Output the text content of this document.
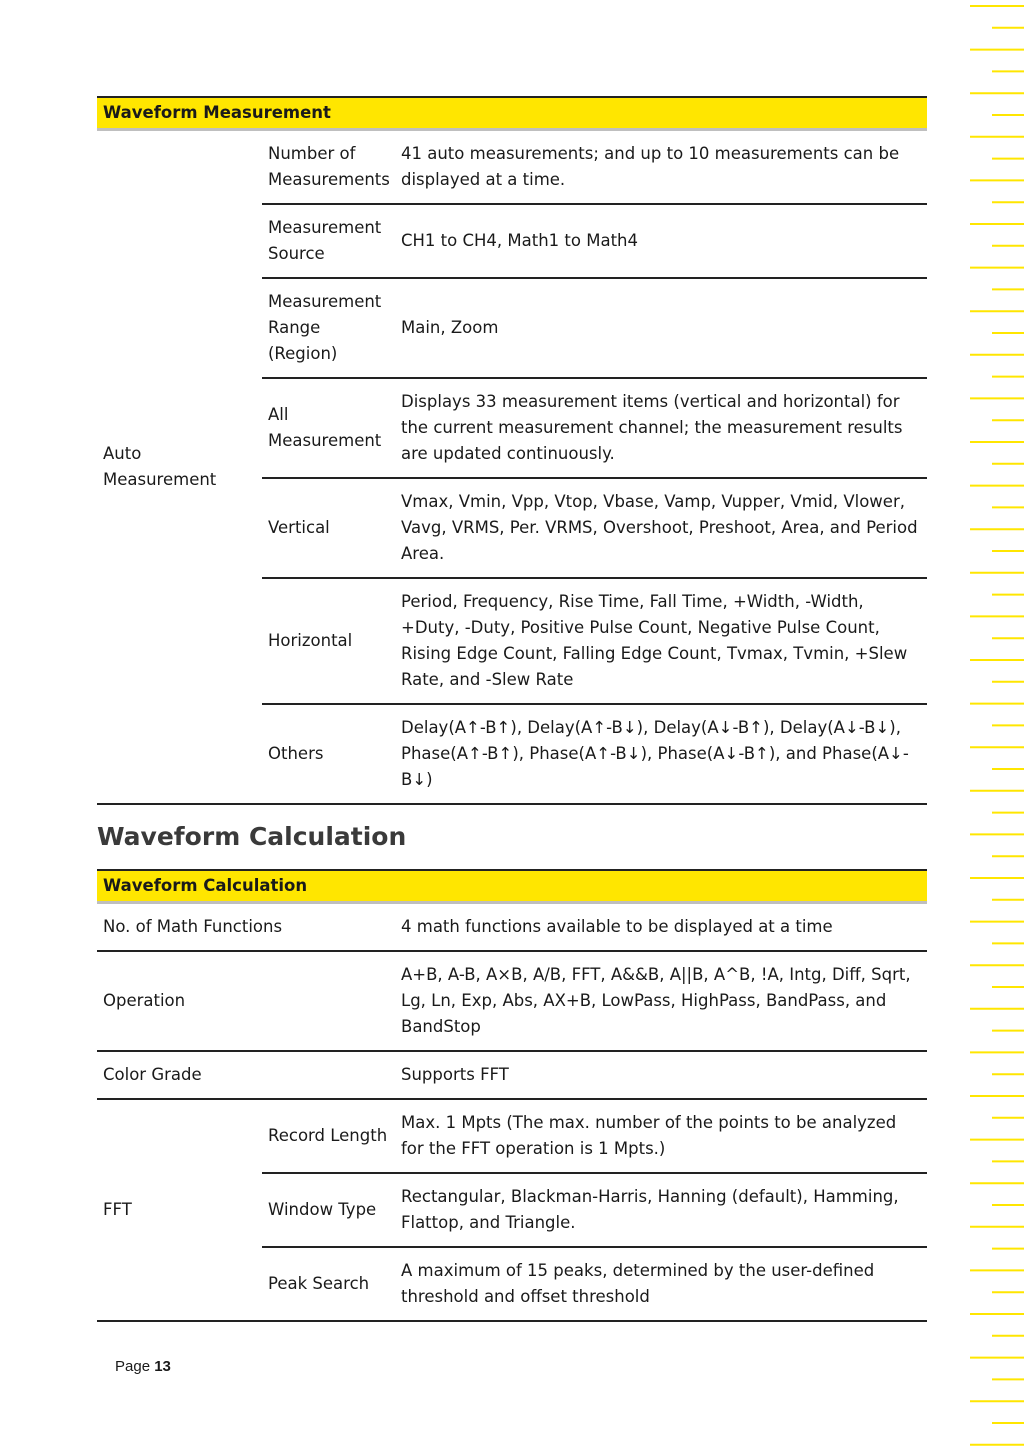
Waveform Measurement		
Auto Measurement	Number of Measurements	41 auto measurements; and up to 10 measurements can be displayed at a time.
	Measurement Source	CH1 to CH4, Math1 to Math4
	Measurement Range (Region)	Main, Zoom
	All Measurement	Displays 33 measurement items (vertical and horizontal) for the current measurement channel; the measurement results are updated continuously.
	Vertical	Vmax, Vmin, Vpp, Vtop, Vbase, Vamp, Vupper, Vmid, Vlower, Vavg, VRMS, Per. VRMS, Overshoot, Preshoot, Area, and Period Area.
	Horizontal	Period, Frequency, Rise Time, Fall Time, +Width, -Width, +Duty, -Duty, Positive Pulse Count, Negative Pulse Count, Rising Edge Count, Falling Edge Count, Tvmax, Tvmin, +Slew Rate, and -Slew Rate
	Others	Delay(A↑-B↑), Delay(A↑-B↓), Delay(A↓-B↑), Delay(A↓-B↓), Phase(A↑-B↑), Phase(A↑-B↓), Phase(A↓-B↑), and Phase(A↓-B↓)
Waveform Calculation
Waveform Calculation		
No. of Math Functions		4 math functions available to be displayed at a time
Operation		A+B, A-B, A×B, A/B, FFT, A&&B, A||B, A^B, !A, Intg, Diff, Sqrt, Lg, Ln, Exp, Abs, AX+B, LowPass, HighPass, BandPass, and BandStop
Color Grade		Supports FFT
FFT	Record Length	Max. 1 Mpts (The max. number of the points to be analyzed for the FFT operation is 1 Mpts.)
	Window Type	Rectangular, Blackman-Harris, Hanning (default), Hamming, Flattop, and Triangle.
	Peak Search	A maximum of 15 peaks, determined by the user-defined threshold and offset threshold
Page 13
